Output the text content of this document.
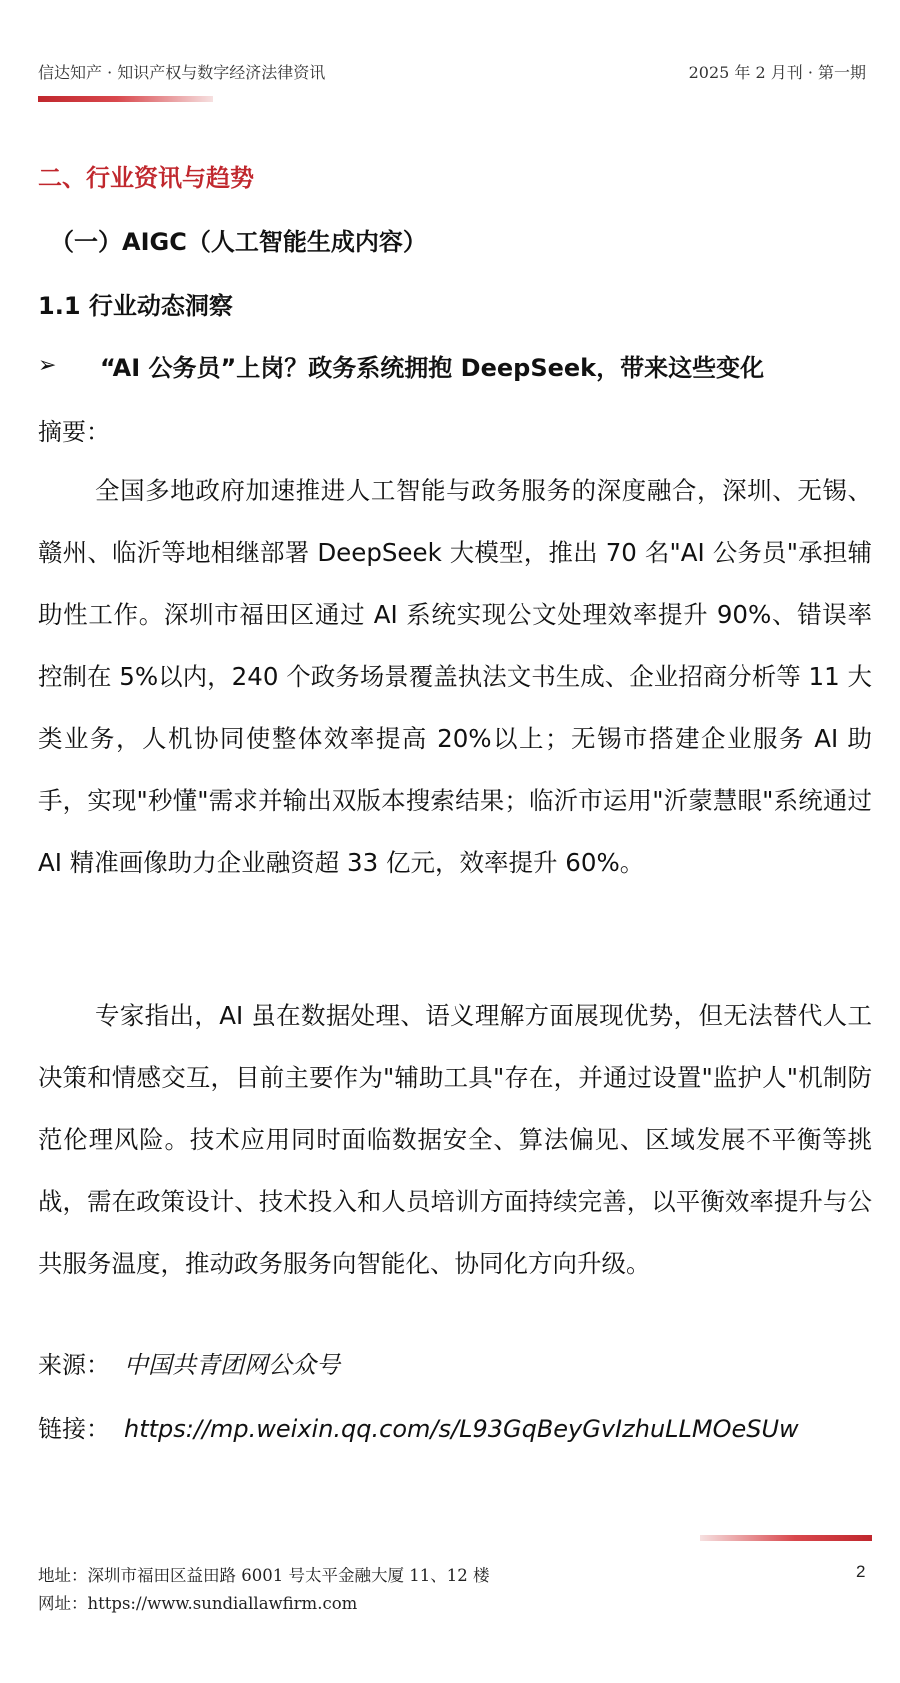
信达知产 · 知识产权与数字经济法律资讯	2025 年 2 月刊 · 第一期
二、行业资讯与趋势
（一）AIGC（人工智能生成内容）
1.1 行业动态洞察
➢	“AI 公务员”上岗？政务系统拥抱 DeepSeek，带来这些变化
摘要：

全国多地政府加速推进人工智能与政务服务的深度融合，深圳、无锡、赣州、临沂等地相继部署 DeepSeek 大模型，推出 70 名"AI 公务员"承担辅助性工作。深圳市福田区通过 AI 系统实现公文处理效率提升 90%、错误率控制在 5%以内，240 个政务场景覆盖执法文书生成、企业招商分析等 11 大类业务，人机协同使整体效率提高 20%以上；无锡市搭建企业服务 AI 助手，实现"秒懂"需求并输出双版本搜索结果；临沂市运用"沂蒙慧眼"系统通过 AI 精准画像助力企业融资超 33 亿元，效率提升 60%。

专家指出，AI 虽在数据处理、语义理解方面展现优势，但无法替代人工决策和情感交互，目前主要作为"辅助工具"存在，并通过设置"监护人"机制防范伦理风险。技术应用同时面临数据安全、算法偏见、区域发展不平衡等挑战，需在政策设计、技术投入和人员培训方面持续完善，以平衡效率提升与公共服务温度，推动政务服务向智能化、协同化方向升级。

来源： 中国共青团网公众号
链接： https://mp.weixin.qq.com/s/L93GqBeyGvIzhuLLMOeSUw
地址：深圳市福田区益田路 6001 号太平金融大厦 11、12 楼
网址：https://www.sundiallawfirm.com
2
